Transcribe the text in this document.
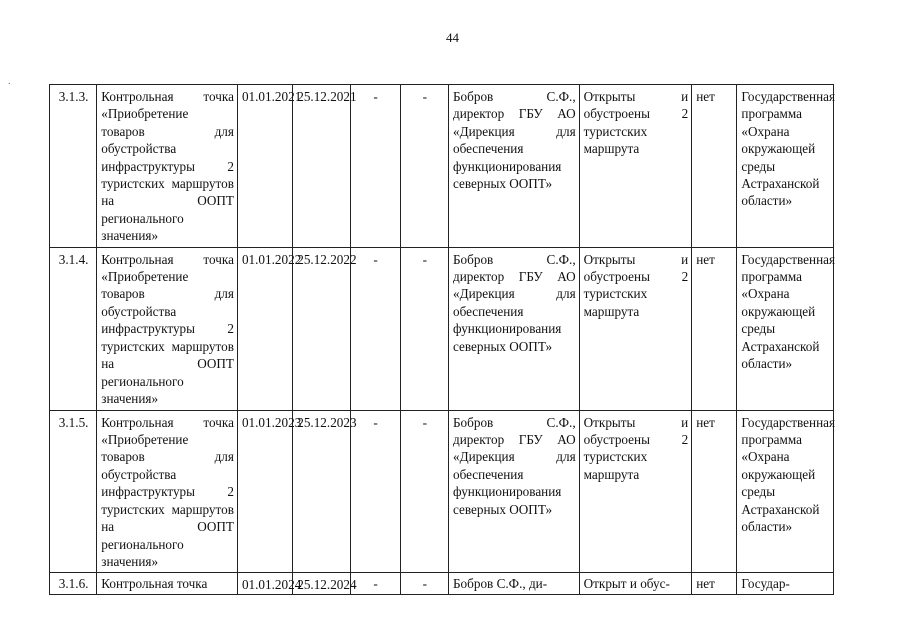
44
.
3.1.3.	Контрольная точка «Приобретение товаров для обустройства инфраструктуры 2 туристских маршрутов на ООПТ регионального значения»	01.01.2021	25.12.2021	-	-	Бобров С.Ф., директор ГБУ АО «Дирекция для обеспечения функционирования северных ООПТ»	Открыты и обустроены 2 туристских маршрута	нет	Государственная программа «Охрана окружающей среды Астраханской области»
3.1.4.	Контрольная точка «Приобретение товаров для обустройства инфраструктуры 2 туристских маршрутов на ООПТ регионального значения»	01.01.2022	25.12.2022	-	-	Бобров С.Ф., директор ГБУ АО «Дирекция для обеспечения функционирования северных ООПТ»	Открыты и обустроены 2 туристских маршрута	нет	Государственная программа «Охрана окружающей среды Астраханской области»
3.1.5.	Контрольная точка «Приобретение товаров для обустройства инфраструктуры 2 туристских маршрутов на ООПТ регионального значения»	01.01.2023	25.12.2023	-	-	Бобров С.Ф., директор ГБУ АО «Дирекция для обеспечения функционирования северных ООПТ»	Открыты и обустроены 2 туристских маршрута	нет	Государственная программа «Охрана окружающей среды Астраханской области»
3.1.6.	Контрольная точка	01.01.2024	25.12.2024	-	-	Бобров С.Ф., ди-	Открыт и обус-	нет	Государ-
